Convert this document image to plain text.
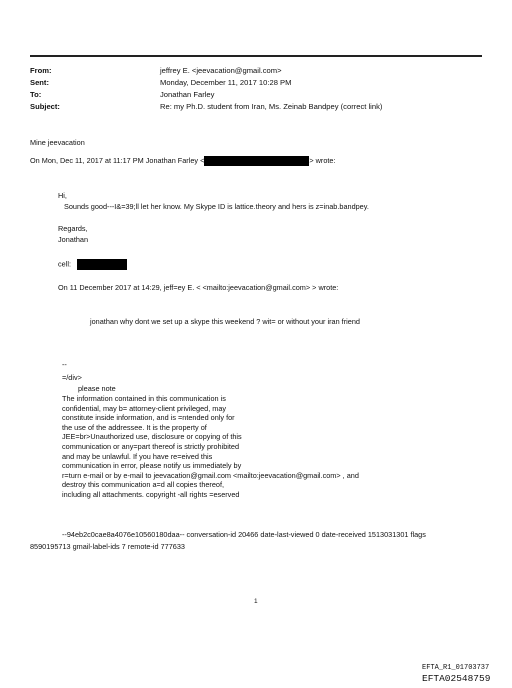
From:	jeffrey E. <jeevacation@gmail.com>
Sent:	Monday, December 11, 2017 10:28 PM
To:	Jonathan Farley
Subject:	Re: my Ph.D. student from Iran, Ms. Zeinab Bandpey (correct link)
Mine jeevacation
On Mon, Dec 11, 2017 at 11:17 PM Jonathan Farley <	> wrote:
Hi,
Sounds good---I&=39;ll let her know. My Skype ID is lattice.theory and hers is z=inab.bandpey.
Regards,
Jonathan
cell:
On 11 December 2017 at 14:29, jeff=ey E. < <mailto:jeevacation@gmail.com> > wrote:
jonathan why dont we set up a skype this weekend ? wit= or without your iran friend
--
=/div>
please note
The information contained in this communication is
confidential, may b= attorney-client privileged, may
constitute inside information, and is =ntended only for
the use of the addressee. It is the property of
JEE=br>Unauthorized use, disclosure or copying of this
communication or any=part thereof is strictly prohibited
and may be unlawful. If you have re=eived this
communication in error, please notify us immediately by
r=turn e-mail or by e-mail to jeevacation@gmail.com <mailto:jeevacation@gmail.com> , and
destroy this communication a=d all copies thereof,
including all attachments. copyright -all rights =eserved
--94eb2c0cae8a4076e10560180daa-- conversation-id 20466 date-last-viewed 0 date-received 1513031301 flags
8590195713 gmail-label-ids 7 remote-id 777633
1
EFTA_R1_01703737
EFTA02548759
